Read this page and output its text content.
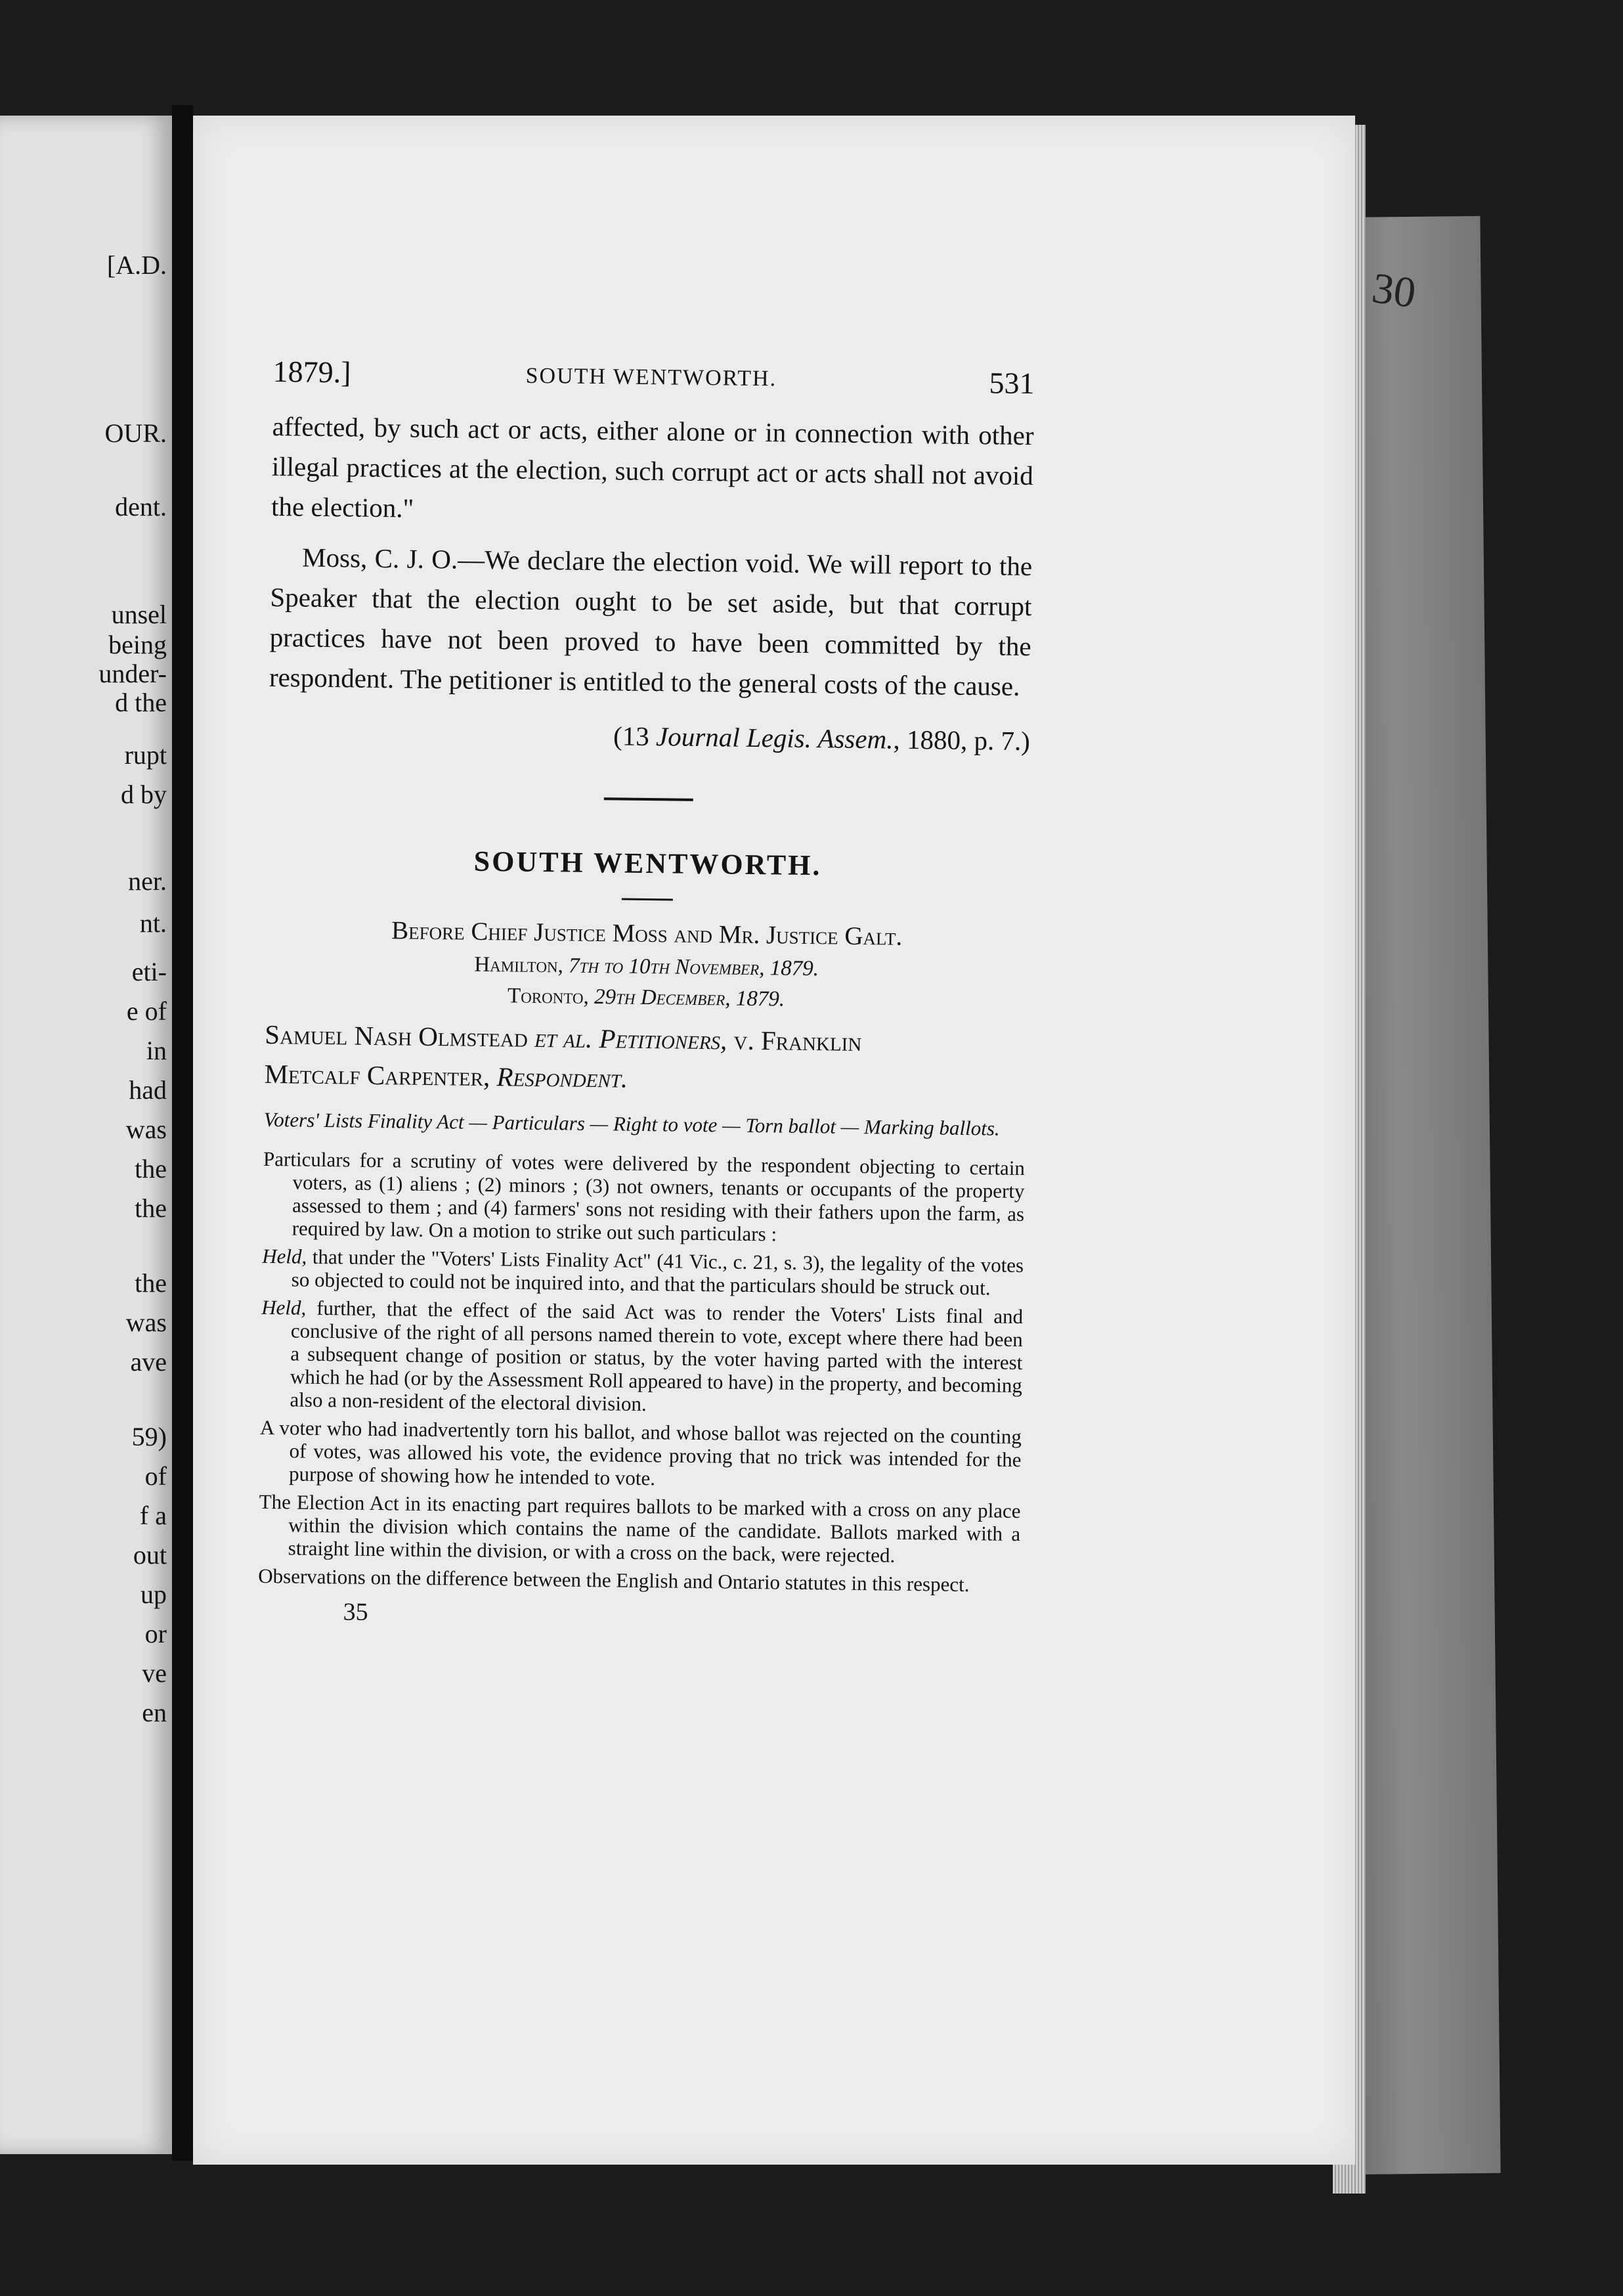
[A.D.
OUR.
dent.
unsel
being
under-
d the
rupt
d by
ner.
nt.
eti-
e of
in
had
was
the
the
the
was
ave
59)
of
f a
out
up
or
ve
en
30
1879.]	SOUTH WENTWORTH.	531

affected, by such act or acts, either alone or in connection with other illegal practices at the election, such corrupt act or acts shall not avoid the election."

Moss, C. J. O.—We declare the election void. We will report to the Speaker that the election ought to be set aside, but that corrupt practices have not been proved to have been committed by the respondent. The petitioner is entitled to the general costs of the cause.

(13 Journal Legis. Assem., 1880, p. 7.)

SOUTH WENTWORTH.

Before Chief Justice Moss and Mr. Justice Galt.

Hamilton, 7th to 10th November, 1879.

Toronto, 29th December, 1879.

Samuel Nash Olmstead et al. Petitioners, v. Franklin
Metcalf Carpenter, Respondent.

Voters' Lists Finality Act — Particulars — Right to vote — Torn ballot — Marking ballots.

Particulars for a scrutiny of votes were delivered by the respondent objecting to certain voters, as (1) aliens ; (2) minors ; (3) not owners, tenants or occupants of the property assessed to them ; and (4) farmers' sons not residing with their fathers upon the farm, as required by law. On a motion to strike out such particulars :

Held, that under the "Voters' Lists Finality Act" (41 Vic., c. 21, s. 3), the legality of the votes so objected to could not be inquired into, and that the particulars should be struck out.

Held, further, that the effect of the said Act was to render the Voters' Lists final and conclusive of the right of all persons named therein to vote, except where there had been a subsequent change of position or status, by the voter having parted with the interest which he had (or by the Assessment Roll appeared to have) in the property, and becoming also a non-resident of the electoral division.

A voter who had inadvertently torn his ballot, and whose ballot was rejected on the counting of votes, was allowed his vote, the evidence proving that no trick was intended for the purpose of showing how he intended to vote.

The Election Act in its enacting part requires ballots to be marked with a cross on any place within the division which contains the name of the candidate. Ballots marked with a straight line within the division, or with a cross on the back, were rejected.

Observations on the difference between the English and Ontario statutes in this respect.

35
